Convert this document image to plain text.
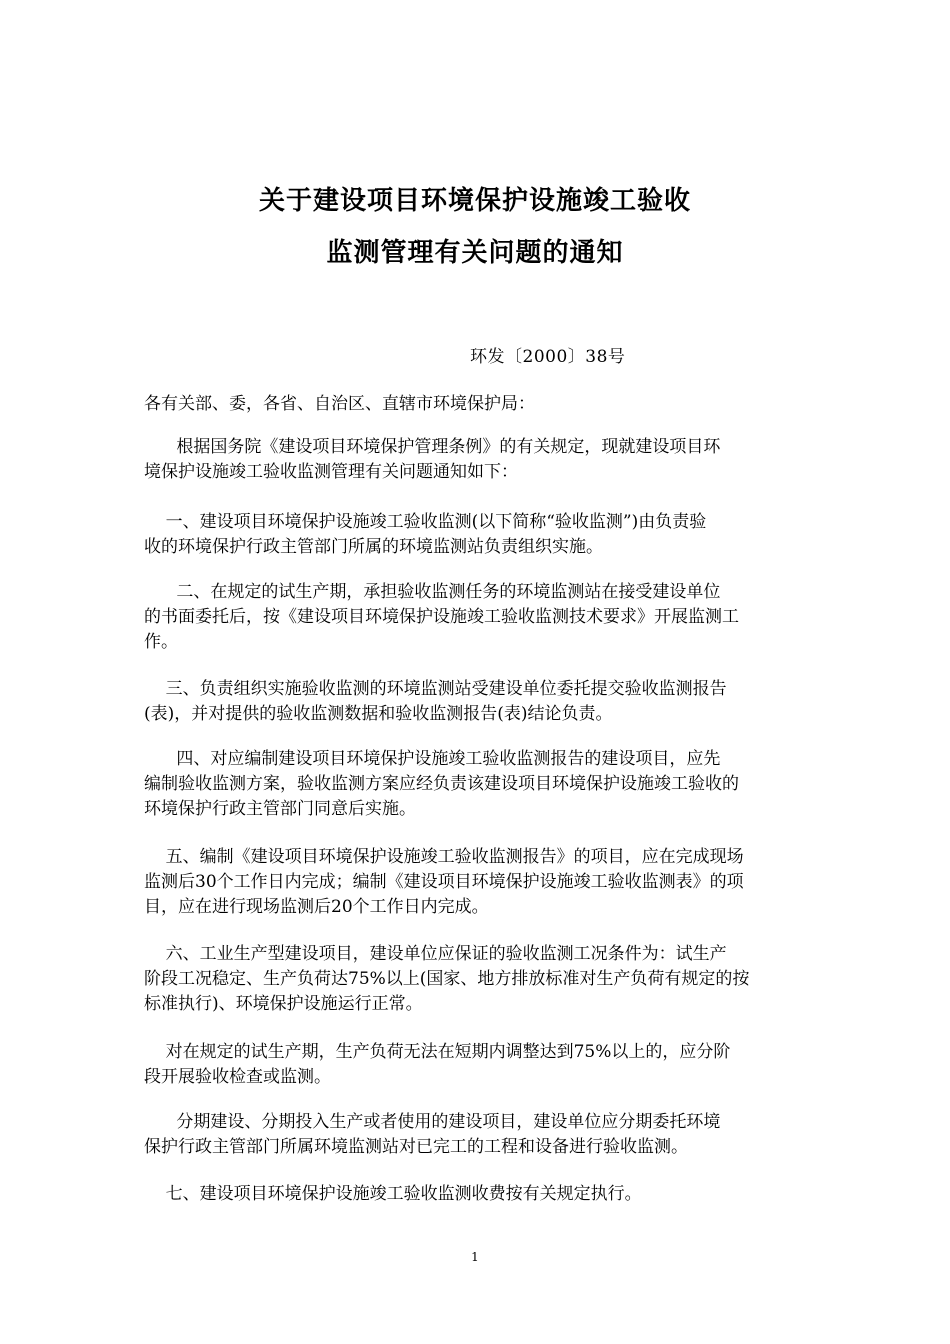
关于建设项目环境保护设施竣工验收
监测管理有关问题的通知
环发〔2000〕38号
各有关部、委，各省、自治区、直辖市环境保护局：
根据国务院《建设项目环境保护管理条例》的有关规定，现就建设项目环
境保护设施竣工验收监测管理有关问题通知如下：
一、建设项目环境保护设施竣工验收监测(以下简称“验收监测”)由负责验
收的环境保护行政主管部门所属的环境监测站负责组织实施。
二、在规定的试生产期，承担验收监测任务的环境监测站在接受建设单位
的书面委托后，按《建设项目环境保护设施竣工验收监测技术要求》开展监测工
作。
三、负责组织实施验收监测的环境监测站受建设单位委托提交验收监测报告
(表)，并对提供的验收监测数据和验收监测报告(表)结论负责。
四、对应编制建设项目环境保护设施竣工验收监测报告的建设项目，应先
编制验收监测方案，验收监测方案应经负责该建设项目环境保护设施竣工验收的
环境保护行政主管部门同意后实施。
五、编制《建设项目环境保护设施竣工验收监测报告》的项目，应在完成现场
监测后30个工作日内完成；编制《建设项目环境保护设施竣工验收监测表》的项
目，应在进行现场监测后20个工作日内完成。
六、工业生产型建设项目，建设单位应保证的验收监测工况条件为：试生产
阶段工况稳定、生产负荷达75%以上(国家、地方排放标准对生产负荷有规定的按
标准执行)、环境保护设施运行正常。
对在规定的试生产期，生产负荷无法在短期内调整达到75%以上的，应分阶
段开展验收检查或监测。
分期建设、分期投入生产或者使用的建设项目，建设单位应分期委托环境
保护行政主管部门所属环境监测站对已完工的工程和设备进行验收监测。
七、建设项目环境保护设施竣工验收监测收费按有关规定执行。
1
